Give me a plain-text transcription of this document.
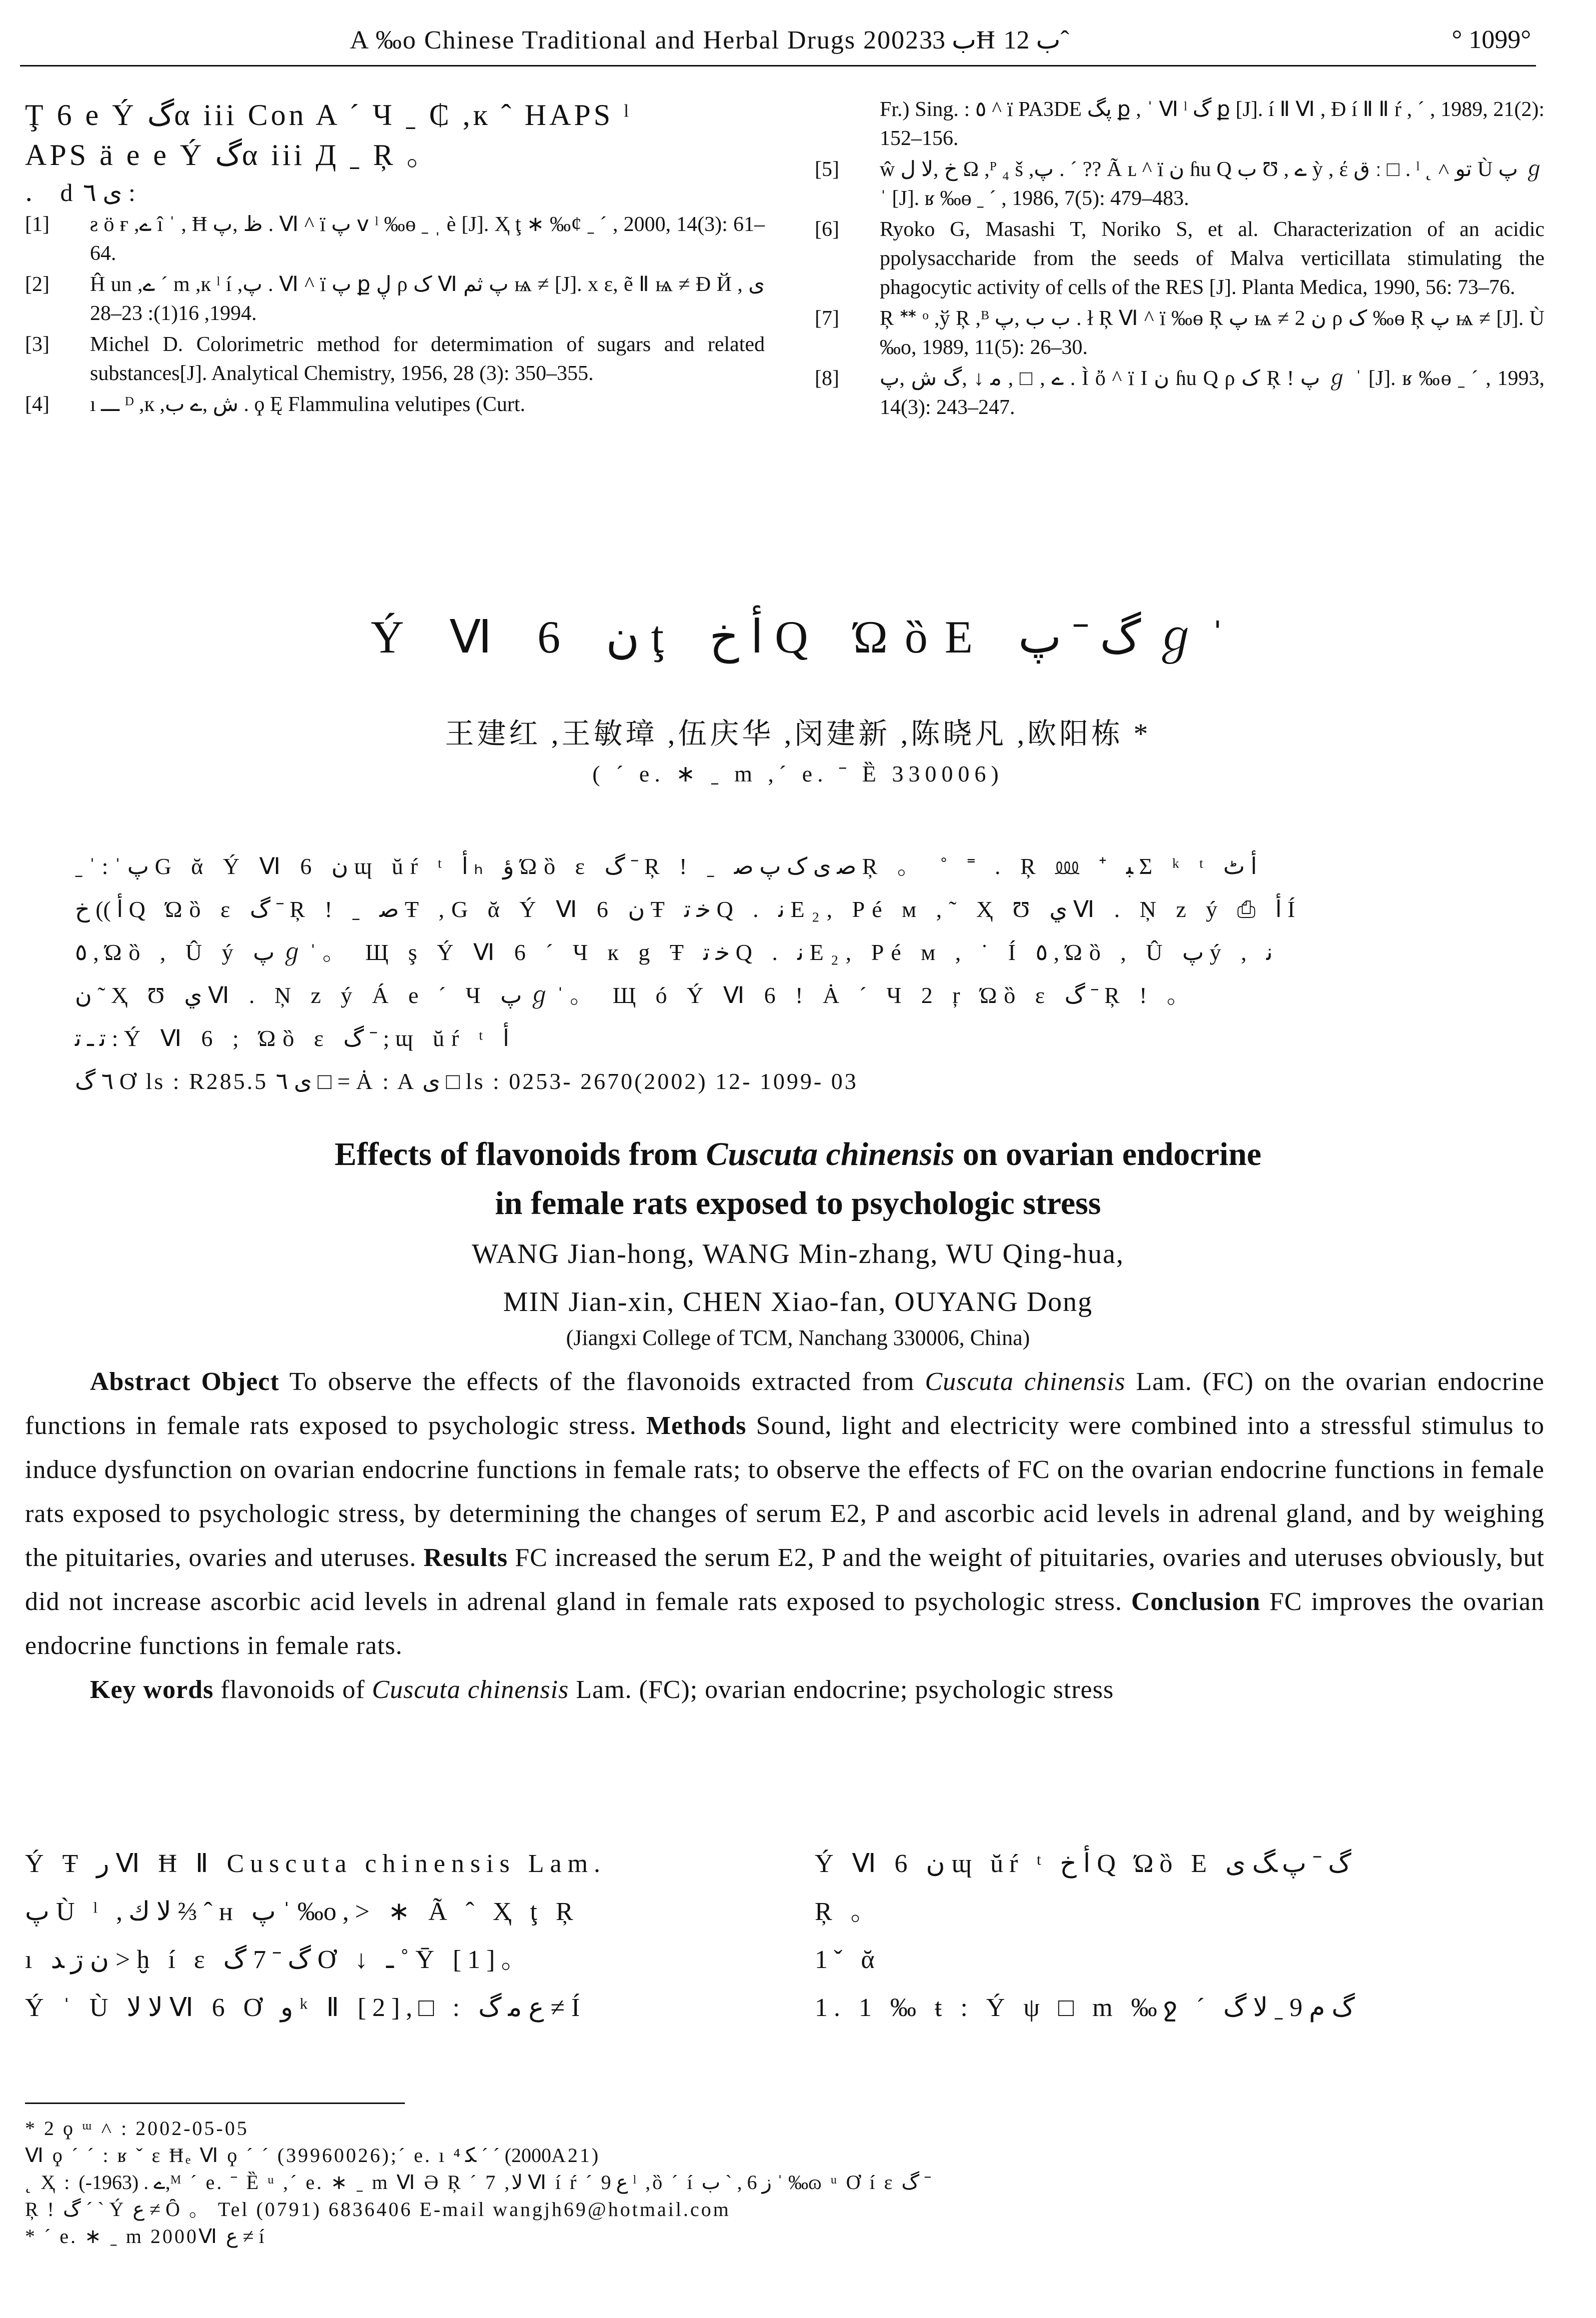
A ‰o Chinese Traditional and Herbal Drugs 2002ب 33Ħ ب 12ˆ	° 1099°
Ţ 6 e Ý گα iii Con A ´ Ч ˍ ₵ ,к ˆ HAPS ˡ
APS ä e e Ý گα iii Д ˍ Ŗ 。
． d ی ٦ :
[1] ƨ ö ғ ,ے î ˈ , Ħ ظ ,پ . Ⅵ ^ ï پ ⅴ ˡ ‰ɵ ˍ ˌ è [J]. Ҳ ţ ∗ ‰ȼ ˍ ˊ , 2000, 14(3): 61–64.
[2] Ĥ un ,ے ´ m ,к ˡ í ,پ . Ⅵ ^ ï پ ք ڸ ρ ک Ⅵ پ ثم ѩ ≠ [J]. x ε, ẽ Ⅱ ѩ ≠ Ɖ Й ی , 1994, 16(1): 23–28.
[3] Michel D. Colorimetric method for determimation of sugars and related substances[J]. Analytical Chemistry, 1956, 28 (3): 350–355.
[4] ı ـــ ᴰ ,к ,ش ,ے ب . ϙ Ę Flammulina velutipes (Curt.
Fr.) Sing. : ٥ ^ ï PA3DE پگ ք , ˈ Ⅵ ˡ گ ք [J]. í Ⅱ Ⅵ , Ɖ í Ⅱ Ⅱ ŕ , ˊ , 1989, 21(2): 152–156.
[5] ŵ خ ,ﻻ ﻝ Ω ,ᴾ ₄ š ,پ . ´ ?? Ã ʟ ^ ï ن ɦu Q ب Ʊ , ے ỳ , έ ق ː □ . ˡ ˛ ˄ تو Ù پ ℊ ˈ [J]. ʁ ‰ɵ ˍ ˊ , 1986, 7(5): 479–483.
[6] Ryoko G, Masashi T, Noriko S, et al. Characterization of an acidic ppolysaccharide from the seeds of Malva verticillata stimulating the phagocytic activity of cells of the RES [J]. Planta Medica, 1990, 56: 73–76.
[7] Ŗ ᕯ ᵒ ,ў Ŗ ,ᴮ ب ب ,پ . ł Ŗ Ⅵ ^ ï ‰ɵ Ŗ پ ѩ ≠ 2 ن ρ ک ‰ɵ Ŗ پ ѩ ≠ [J]. Ù ‰o, 1989, 11(5): 26–30.
[8] ے , □ , ﻣ ↓ ,گ ش ,پ . Ì ὄ ^ ï Ι ن ɦu Q ρ ک Ŗ ! پ ℊ ˈ [J]. ʁ ‰ɵ ˍ ˊ , 1993, 14(3): 243–247.
Ý Ⅵ 6 ن ţ ﺃ خ Q ΏȍΕ گ ˉ پ ℊ ˈ
王建红 ,王敏璋 ,伍庆华 ,闵建新 ,陈晓凡 ,欧阳栋 *
( ˊ e. ∗ ˍ m ,ˊ e. ˉ Ȅ 330006)

ˍ ˈ : ˈ پ G ᾰ Ý Ⅵ 6 ن ɰ ŭŕ ᵗ ﺃ ₕ ؤ Ώȍ ε گ ˉ Ŗ ! ˍ ﺻ ی ک پ ﺻ Ŗ 。 ˚ ˭ . Ŗ ⅏ ⁺ ﺒ Σ ᵏ ᵗ ﺃ ٹ

ﺃ )) خ Q Ώȍ ε گ ˉ Ŗ ! ˍ ﺻ Ŧ ,G ᾰ Ý Ⅵ 6 ن Ŧ ﺧ ﺗ Q . ﻧ E₂, Pé м ,˜ Ҳ Ʊ ﻱ Ⅵ . Ņ z ý ⎙ ﺃ Í

٥ , Ώȍ , Û ý پ ℊ ˈ 。 Щ ş Ý Ⅵ 6 ´ Ч к g Ŧ ﺧ ﺗ Q . ﻧ E₂, Pé м , ˙ Í ٥ , Ώȍ , Û پ ý , ﻧ

ن ˜ Ҳ Ʊ ﻱ Ⅵ . Ņ z ý Á e ´ Ч پ ℊ ˈ 。 Щ ó Ý Ⅵ 6 ! Ȧ ´ Ч 2 ŗ Ώȍ ε گ ˉ Ŗ ! 。

ﺗ ـ ﺗ : Ý Ⅵ 6 ; Ώȍ ε گ ˉ ; ɰ ŭŕ ᵗ ﺃ

٦ گ Ơ ls : R285.5 ی ٦ □ = Ȧ : A ی □ ls : 0253- 2670(2002) 12- 1099- 03

Effects of flavonoids from Cuscuta chinensis on ovarian endocrine
in female rats exposed to psychologic stress
WANG Jian-hong, WANG Min-zhang, WU Qing-hua,
MIN Jian-xin, CHEN Xiao-fan, OUYANG Dong
(Jiangxi College of TCM, Nanchang 330006, China)

Abstract Object To observe the effects of the flavonoids extracted from Cuscuta chinensis Lam. (FC) on the ovarian endocrine functions in female rats exposed to psychologic stress. Methods Sound, light and electricity were combined into a stressful stimulus to induce dysfunction on ovarian endocrine functions in female rats; to observe the effects of FC on the ovarian endocrine functions in female rats exposed to psychologic stress, by determining the changes of serum E2, P and ascorbic acid levels in adrenal gland, and by weighing the pituitaries, ovaries and uteruses. Results FC increased the serum E2, P and the weight of pituitaries, ovaries and uteruses obviously, but did not increase ascorbic acid levels in adrenal gland in female rats exposed to psychologic stress. Conclusion FC improves the ovarian endocrine functions in female rats.

Key words flavonoids of Cuscuta chinensis Lam. (FC); ovarian endocrine; psychologic stress

Ý Ŧ ﺭ Ⅵ Ħ Ⅱ Cuscuta chinensis Lam.

پ Ù ˡ ,ﻻ ﻙ ⅔ ˆ ʜ پ ˈ ‰o,> ∗ Ã ˆ Ҳ ţ Ŗ

ı ن ڗ ﺪ > ḫ í ε گ ˉ 7 گ Ơ ↓ ـ ˚ Ȳ [1]。

Ý ˈ Ù ﻻ ﻻ Ⅵ 6 Ơ ﻭ ᵏ Ⅱ [2],□ : ﻉ ﻣ گ ≠ Í

Ý Ⅵ 6 ن ɰ ŭŕ ᵗ ﺃ خ Q Ώȍ Ε گ ˉ پ ﮓ ی

Ŗ 。

1ˇ ᾰ

1. 1 ‰ ŧ : Ý ψ □ m ‰ջ ˊ گ ﻡ 9 ˍ ﻻ گ

* 2 ϙ ᵚ ˄ : 2002-05-05

Ⅵ ϙ ˊ ˊ : ʁ ˇ ε Ħₑ Ⅵ ϙ ˊ ˊ (39960026);ˊ e. ı ﮑ ⁴ ˊ ˊ (2000A21)

˛ Ҳ : ے . (1963-),ᴹ ˊ e. ˉ Ȅ ᵘ ,ˊ e. ∗ ˍ m Ⅵ Ә Ŗ ´ 7 ,ﻻ Ⅵ í ŕ ´ ﻉ 9 ˡ ,ȍ ˊ í ﺯ 6 , ˋ ب ˈ ‰ɷ ᵘ Ơ í ε گ ˉ

Ŗ ! گ ˊ ˋ Ý ﻉ ≠ Ȏ 。 Tel (0791) 6836406 E-mail wangjh69@hotmail.com

* ˊ e. ∗ ˍ m 2000Ⅵ ﻉ ≠ í
